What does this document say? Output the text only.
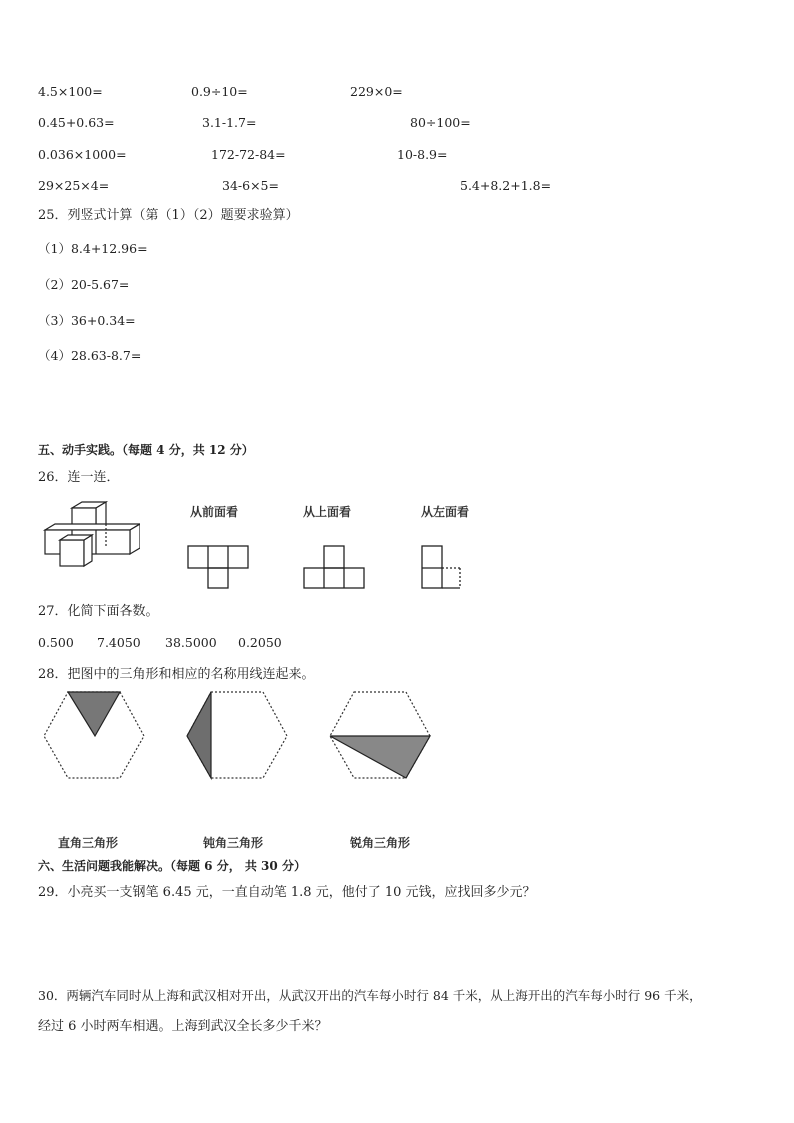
4.5×100=	0.9÷10=	229×0=
0.45+0.63=	3.1-1.7=	80÷100=
0.036×1000=	172-72-84=	10-8.9=
29×25×4=	34-6×5=	5.4+8.2+1.8=
25．列竖式计算（第（1）（2）题要求验算）
（1）8.4+12.96=
（2）20-5.67=
（3）36+0.34=
（4）28.63-8.7=
五、动手实践。（每题 4 分，共 12 分）
26．连一连．
从前面看	从上面看	从左面看
27．化简下面各数。
0.500 7.4050 38.5000 0.2050
28．把图中的三角形和相应的名称用线连起来。
直角三角形	钝角三角形	锐角三角形
六、生活问题我能解决。（每题 6 分， 共 30 分）
29．小亮买一支钢笔 6.45 元，一直自动笔 1.8 元，他付了 10 元钱，应找回多少元？
30．两辆汽车同时从上海和武汉相对开出，从武汉开出的汽车每小时行 84 千米，从上海开出的汽车每小时行 96 千米，
经过 6 小时两车相遇。上海到武汉全长多少千米？
